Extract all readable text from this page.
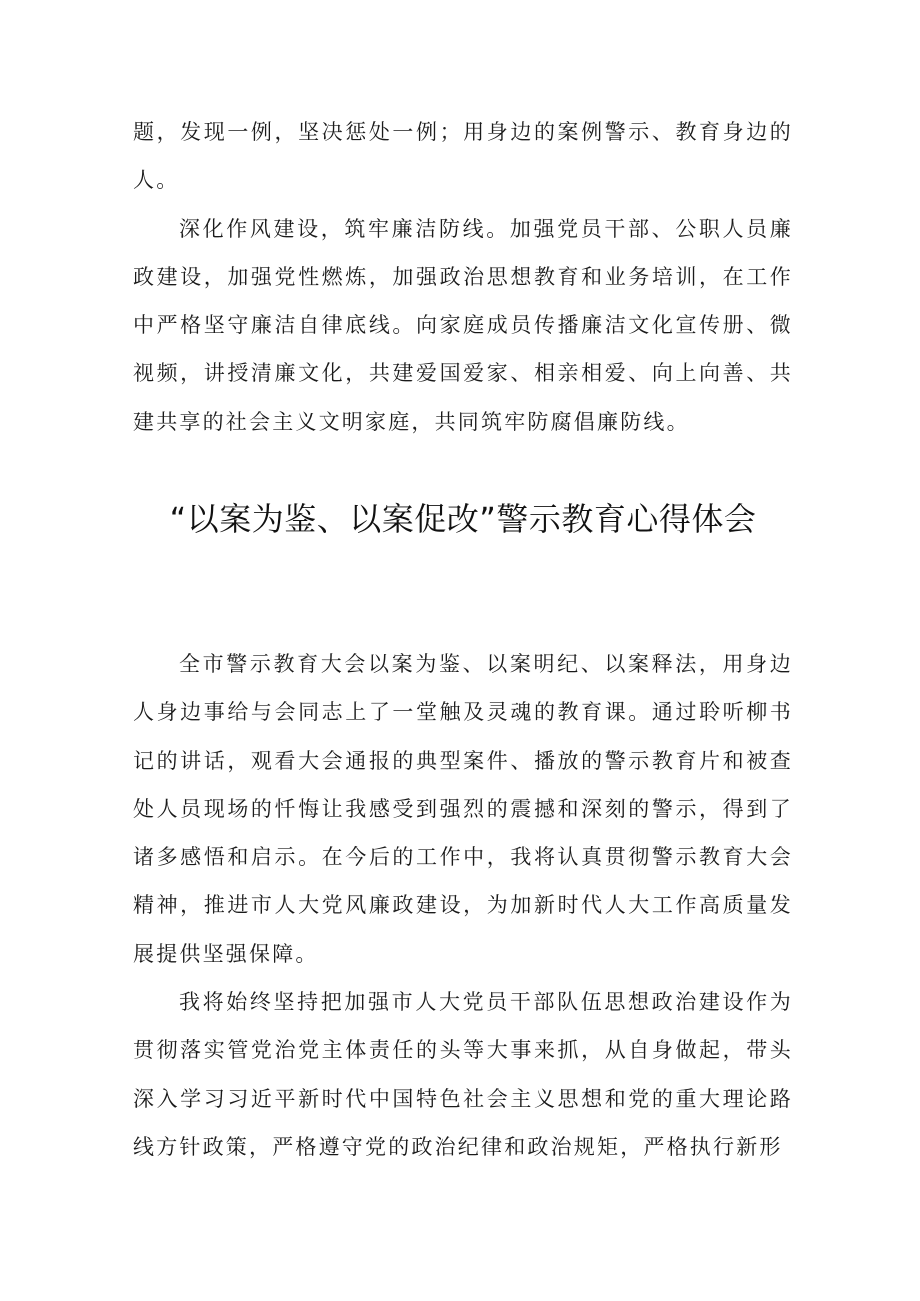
题，发现一例，坚决惩处一例；用身边的案例警示、教育身边的人。

深化作风建设，筑牢廉洁防线。加强党员干部、公职人员廉政建设，加强党性燃炼，加强政治思想教育和业务培训，在工作中严格坚守廉洁自律底线。向家庭成员传播廉洁文化宣传册、微视频，讲授清廉文化，共建爱国爱家、相亲相爱、向上向善、共建共享的社会主义文明家庭，共同筑牢防腐倡廉防线。

“以案为鉴、以案促改”警示教育心得体会

全市警示教育大会以案为鉴、以案明纪、以案释法，用身边人身边事给与会同志上了一堂触及灵魂的教育课。通过聆听柳书记的讲话，观看大会通报的典型案件、播放的警示教育片和被查处人员现场的忏悔让我感受到强烈的震撼和深刻的警示，得到了诸多感悟和启示。在今后的工作中，我将认真贯彻警示教育大会精神，推进市人大党风廉政建设，为加新时代人大工作高质量发展提供坚强保障。

我将始终坚持把加强市人大党员干部队伍思想政治建设作为贯彻落实管党治党主体责任的头等大事来抓，从自身做起，带头深入学习习近平新时代中国特色社会主义思想和党的重大理论路线方针政策，严格遵守党的政治纪律和政治规矩，严格执行新形
